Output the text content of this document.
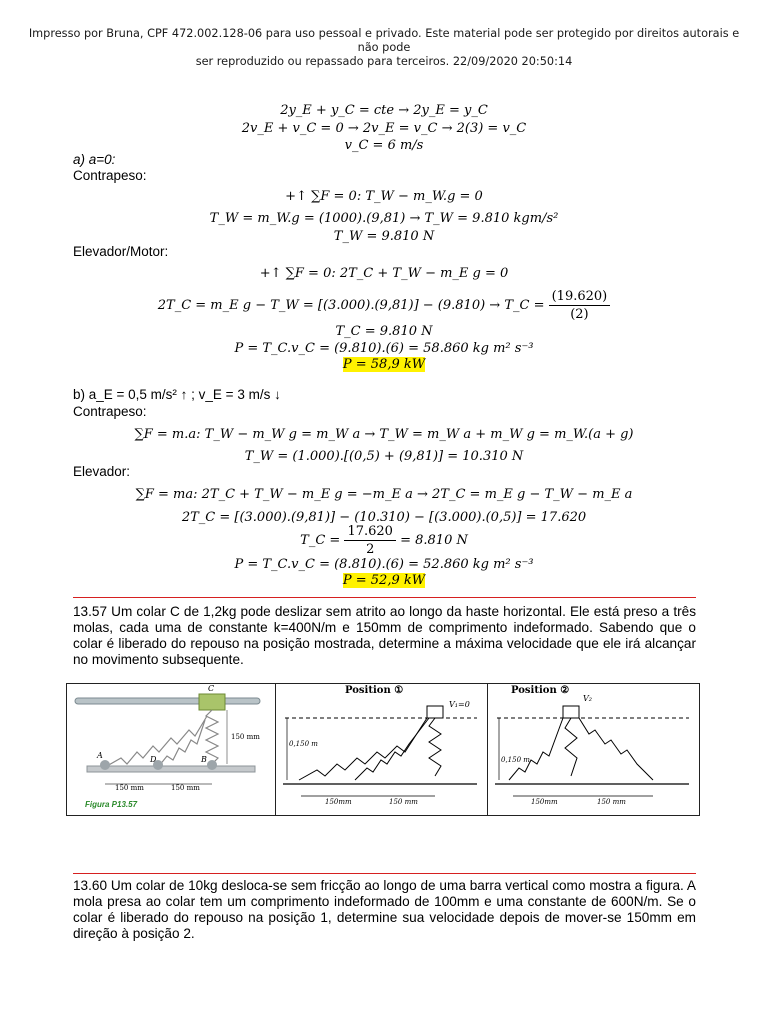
Impresso por Bruna, CPF 472.002.128-06 para uso pessoal e privado. Este material pode ser protegido por direitos autorais e não pode
ser reproduzido ou repassado para terceiros. 22/09/2020 20:50:14
2y_E + y_C = cte → 2y_E = y_C
2v_E + v_C = 0 → 2v_E = v_C → 2(3) = v_C
v_C = 6 m/s
a) a=0:
Contrapeso:
+↑ ∑F = 0: T_W − m_W.g = 0
T_W = m_W.g = (1000).(9,81) → T_W = 9.810 kgm/s²
T_W = 9.810 N
Elevador/Motor:
+↑ ∑F = 0: 2T_C + T_W − m_E g = 0
2T_C = m_E g − T_W = [(3.000).(9,81)] − (9.810) → T_C = $\frac{(19.620)}{(2)}$
T_C = 9.810 N
P = T_C.v_C = (9.810).(6) = 58.860 kg m² s⁻³
P = 58,9 kW
b) a_E = 0,5 m/s² ↑ ; v_E = 3 m/s ↓
Contrapeso:
∑F = m.a: T_W − m_W g = m_W a → T_W = m_W a + m_W g = m_W.(a + g)
T_W = (1.000).[(0,5) + (9,81)] = 10.310 N
Elevador:
∑F = ma: 2T_C + T_W − m_E g = −m_E a → 2T_C = m_E g − T_W − m_E a
2T_C = [(3.000).(9,81)] − (10.310) − [(3.000).(0,5)] = 17.620
T_C = $\frac{17.620}{2} = 8.810$ N
P = T_C.v_C = (8.810).(6) = 52.860 kg m² s⁻³
P = 52,9 kW
13.57 Um colar C de 1,2kg pode deslizar sem atrito ao longo da haste horizontal. Ele está preso a três molas, cada uma de constante k=400N/m e 150mm de comprimento indeformado. Sabendo que o colar é liberado do repouso na posição mostrada, determine a máxima velocidade que ele irá alcançar no movimento subsequente.
C
A	D	B
150 mm
150 mm	150 mm
Figura P13.57
Position ①
V₁=0
0,150 m
150mm	150 mm
Position ②
V₂
0,150 m
150mm	150 mm
13.60 Um colar de 10kg desloca-se sem fricção ao longo de uma barra vertical como mostra a figura. A mola presa ao colar tem um comprimento indeformado de 100mm e uma constante de 600N/m. Se o colar é liberado do repouso na posição 1, determine sua velocidade depois de mover-se 150mm em direção à posição 2.
